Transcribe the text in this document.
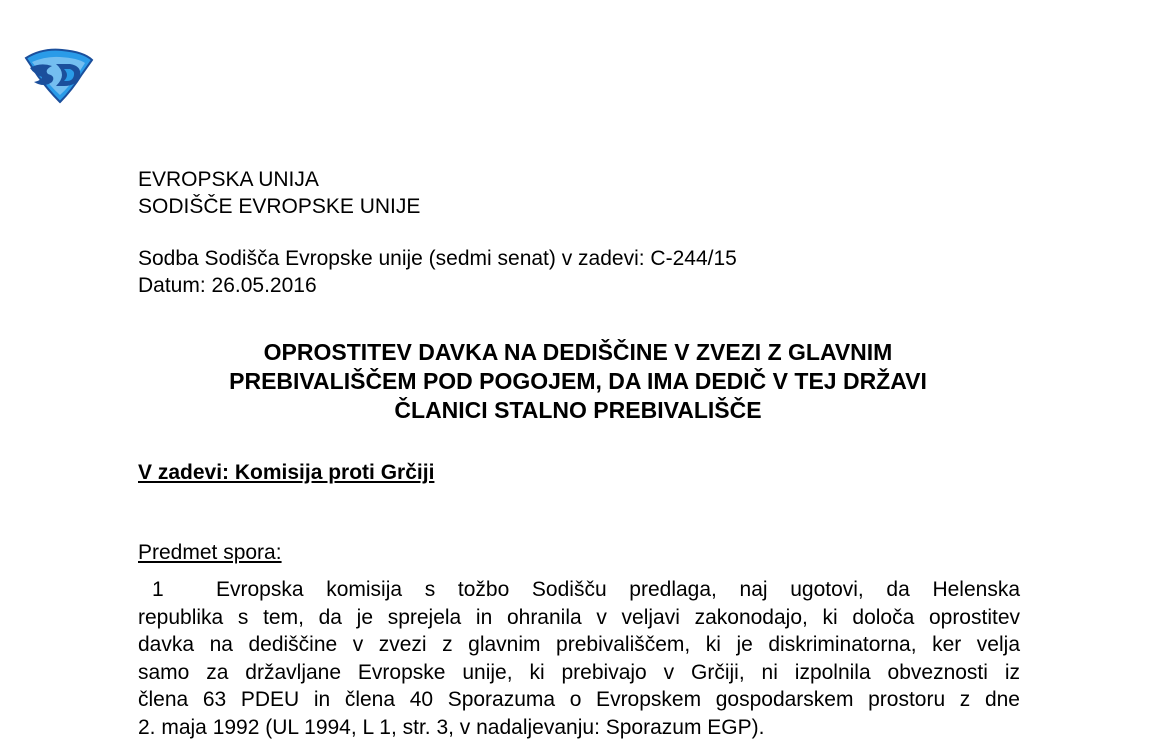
EVROPSKA UNIJA
SODIŠČE EVROPSKE UNIJE
Sodba Sodišča Evropske unije (sedmi senat) v zadevi: C-244/15
Datum: 26.05.2016
OPROSTITEV DAVKA NA DEDIŠČINE V ZVEZI Z GLAVNIM
PREBIVALIŠČEM POD POGOJEM, DA IMA DEDIČ V TEJ DRŽAVI
ČLANICI STALNO PREBIVALIŠČE
V zadevi: Komisija proti Grčiji
Predmet spora:
1	Evropska komisija s tožbo Sodišču predlaga, naj ugotovi, da Helenska
republika s tem, da je sprejela in ohranila v veljavi zakonodajo, ki določa oprostitev
davka na dediščine v zvezi z glavnim prebivališčem, ki je diskriminatorna, ker velja
samo za državljane Evropske unije, ki prebivajo v Grčiji, ni izpolnila obveznosti iz
člena 63 PDEU in člena 40 Sporazuma o Evropskem gospodarskem prostoru z dne
2. maja 1992 (UL 1994, L 1, str. 3, v nadaljevanju: Sporazum EGP).
